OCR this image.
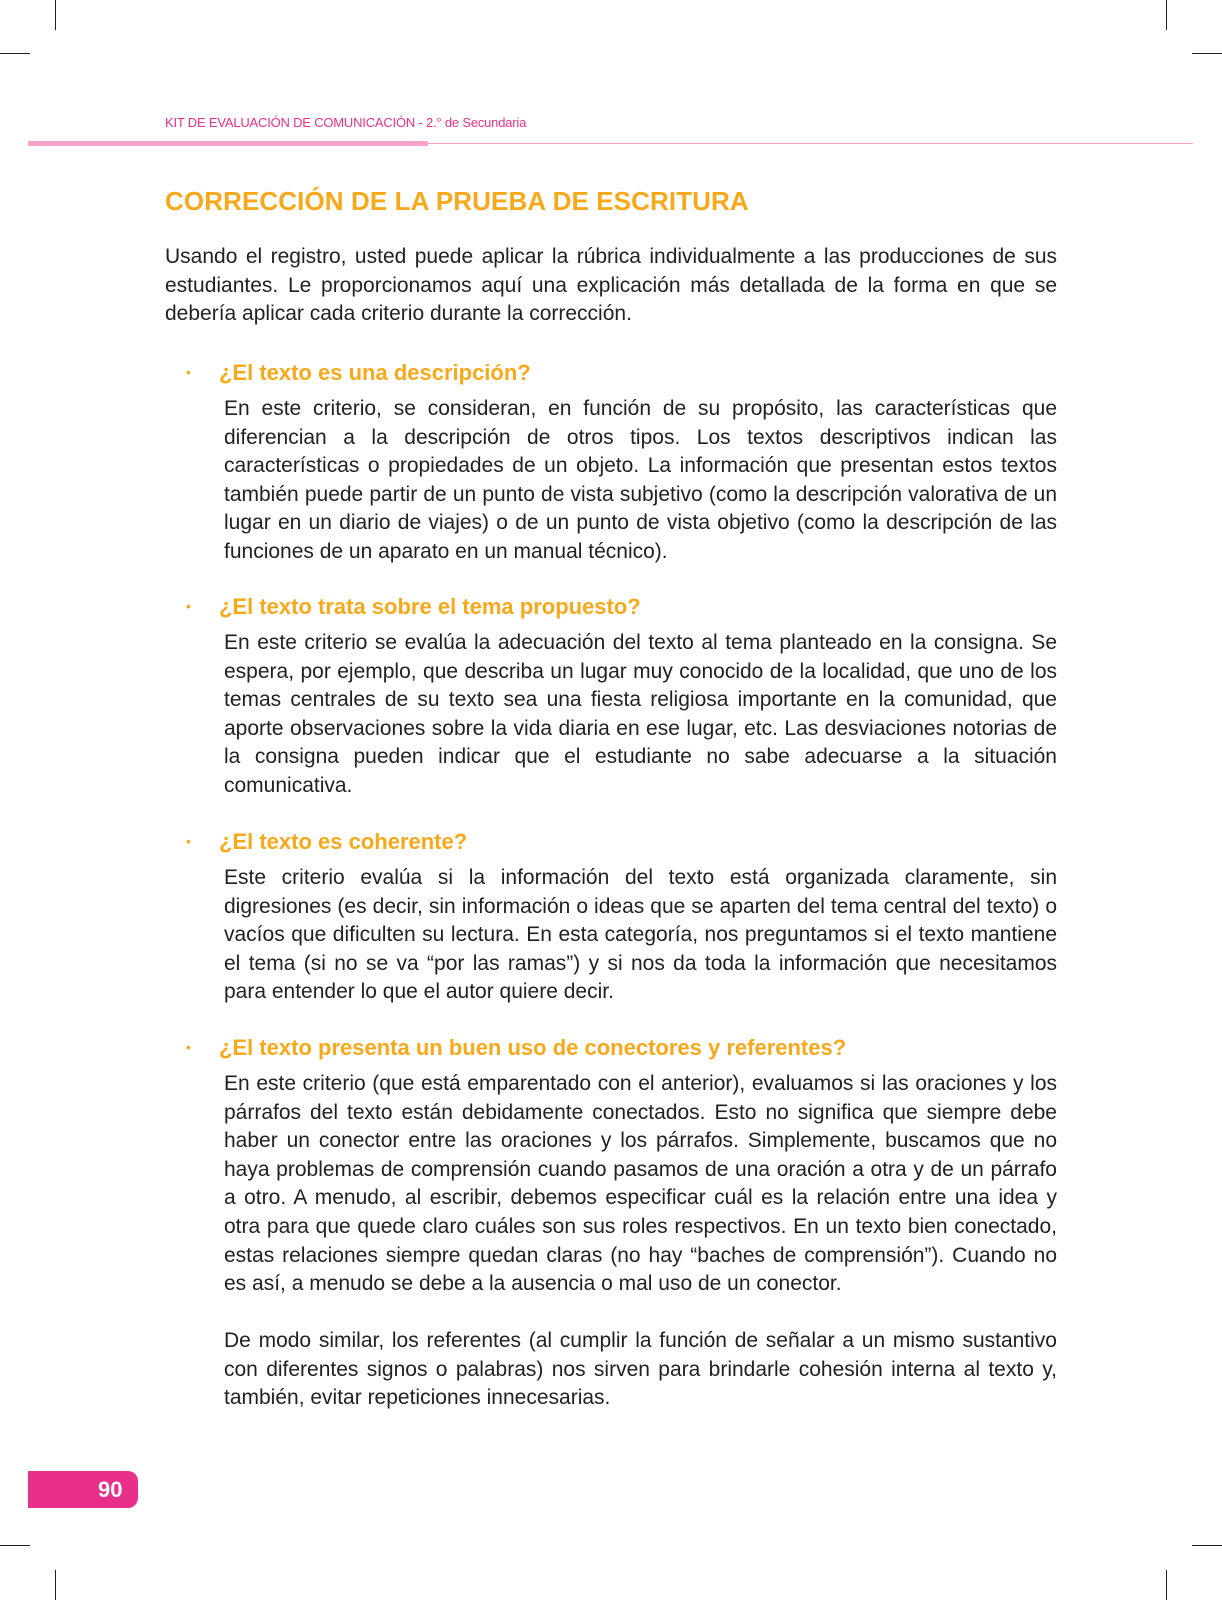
KIT DE EVALUACIÓN DE COMUNICACIÓN - 2.° de Secundaria
CORRECCIÓN DE LA PRUEBA DE ESCRITURA

Usando el registro, usted puede aplicar la rúbrica individualmente a las producciones de sus estudiantes. Le proporcionamos aquí una explicación más detallada de la forma en que se debería aplicar cada criterio durante la corrección.

• ¿El texto es una descripción?

En este criterio, se consideran, en función de su propósito, las características que diferencian a la descripción de otros tipos. Los textos descriptivos indican las características o propiedades de un objeto. La información que presentan estos textos también puede partir de un punto de vista subjetivo (como la descripción valorativa de un lugar en un diario de viajes) o de un punto de vista objetivo (como la descripción de las funciones de un aparato en un manual técnico).

• ¿El texto trata sobre el tema propuesto?

En este criterio se evalúa la adecuación del texto al tema planteado en la consigna. Se espera, por ejemplo, que describa un lugar muy conocido de la localidad, que uno de los temas centrales de su texto sea una fiesta religiosa importante en la comunidad, que aporte observaciones sobre la vida diaria en ese lugar, etc. Las desviaciones notorias de la consigna pueden indicar que el estudiante no sabe adecuarse a la situación comunicativa.

• ¿El texto es coherente?

Este criterio evalúa si la información del texto está organizada claramente, sin digresiones (es decir, sin información o ideas que se aparten del tema central del texto) o vacíos que dificulten su lectura. En esta categoría, nos preguntamos si el texto mantiene el tema (si no se va “por las ramas”) y si nos da toda la información que necesitamos para entender lo que el autor quiere decir.

• ¿El texto presenta un buen uso de conectores y referentes?

En este criterio (que está emparentado con el anterior), evaluamos si las oraciones y los párrafos del texto están debidamente conectados. Esto no significa que siempre debe haber un conector entre las oraciones y los párrafos. Simplemente, buscamos que no haya problemas de comprensión cuando pasamos de una oración a otra y de un párrafo a otro. A menudo, al escribir, debemos especificar cuál es la relación entre una idea y otra para que quede claro cuáles son sus roles respectivos. En un texto bien conectado, estas relaciones siempre quedan claras (no hay “baches de comprensión”). Cuando no es así, a menudo se debe a la ausencia o mal uso de un conector.

De modo similar, los referentes (al cumplir la función de señalar a un mismo sustantivo con diferentes signos o palabras) nos sirven para brindarle cohesión interna al texto y, también, evitar repeticiones innecesarias.

90
